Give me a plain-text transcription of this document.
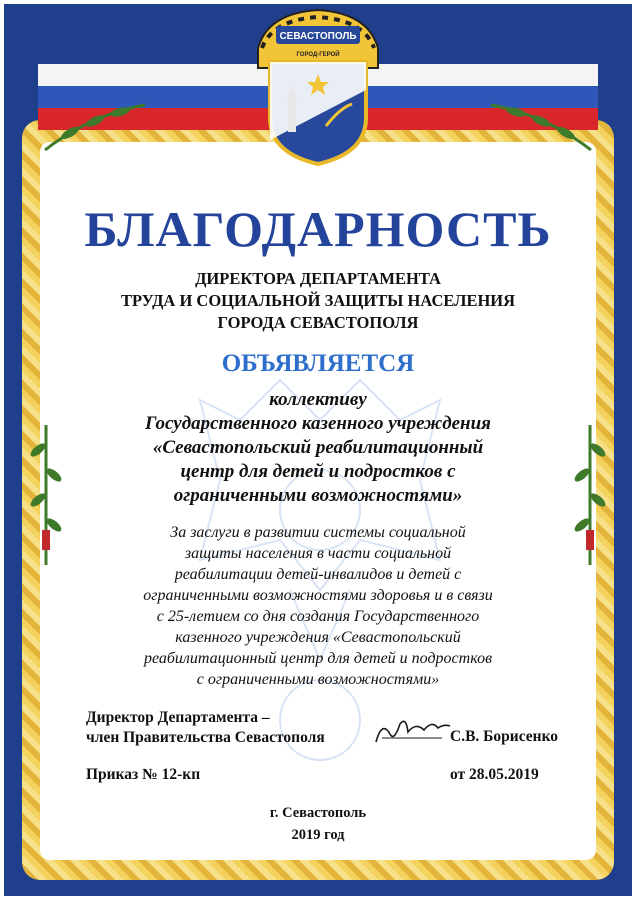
СЕВАСТОПОЛЬ
ГОРОД-ГЕРОЙ
БЛАГОДАРНОСТЬ
ДИРЕКТОРА ДЕПАРТАМЕНТА
ТРУДА И СОЦИАЛЬНОЙ ЗАЩИТЫ НАСЕЛЕНИЯ
ГОРОДА СЕВАСТОПОЛЯ
ОБЪЯВЛЯЕТСЯ
коллективу
Государственного казенного учреждения
«Севастопольский реабилитационный
центр для детей и подростков с
ограниченными возможностями»
За заслуги в развитии системы социальной
защиты населения в части социальной
реабилитации детей-инвалидов и детей с
ограниченными возможностями здоровья и в связи
с 25-летием со дня создания Государственного
казенного учреждения «Севастопольский
реабилитационный центр для детей и подростков
с ограниченными возможностями»
Директор Департамента –
член Правительства Севастополя	С.В. Борисенко
Приказ № 12-кп	от 28.05.2019
г. Севастополь
2019 год
